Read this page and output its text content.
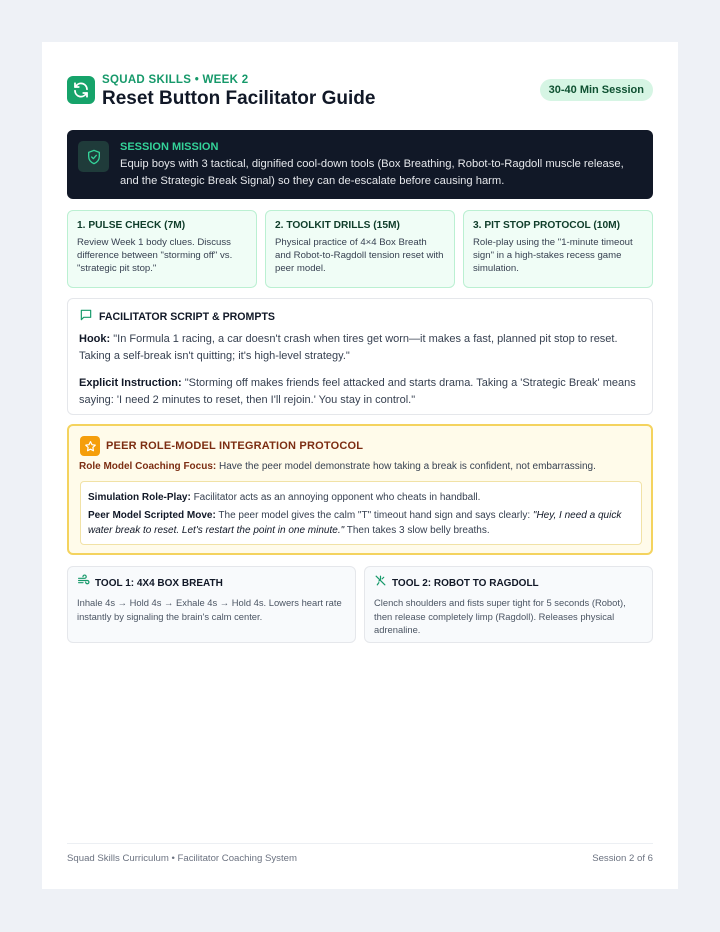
SQUAD SKILLS • WEEK 2
Reset Button Facilitator Guide	30-40 Min Session
SESSION MISSION
Equip boys with 3 tactical, dignified cool-down tools (Box Breathing, Robot-to-Ragdoll muscle release, and the Strategic Break Signal) so they can de-escalate before causing harm.
1. PULSE CHECK (7M)
Review Week 1 body clues. Discuss difference between "storming off" vs. "strategic pit stop."
2. TOOLKIT DRILLS (15M)
Physical practice of 4×4 Box Breath and Robot-to-Ragdoll tension reset with peer model.
3. PIT STOP PROTOCOL (10M)
Role-play using the "1-minute timeout sign" in a high-stakes recess game simulation.
FACILITATOR SCRIPT & PROMPTS
Hook: "In Formula 1 racing, a car doesn't crash when tires get worn—it makes a fast, planned pit stop to reset. Taking a self-break isn't quitting; it's high-level strategy."
Explicit Instruction: "Storming off makes friends feel attacked and starts drama. Taking a 'Strategic Break' means saying: 'I need 2 minutes to reset, then I'll rejoin.' You stay in control."
PEER ROLE-MODEL INTEGRATION PROTOCOL
Role Model Coaching Focus: Have the peer model demonstrate how taking a break is confident, not embarrassing.
Simulation Role-Play: Facilitator acts as an annoying opponent who cheats in handball.
Peer Model Scripted Move: The peer model gives the calm "T" timeout hand sign and says clearly: "Hey, I need a quick water break to reset. Let's restart the point in one minute." Then takes 3 slow belly breaths.
TOOL 1: 4X4 BOX BREATH
Inhale 4s → Hold 4s → Exhale 4s → Hold 4s. Lowers heart rate instantly by signaling the brain's calm center.
TOOL 2: ROBOT TO RAGDOLL
Clench shoulders and fists super tight for 5 seconds (Robot), then release completely limp (Ragdoll). Releases physical adrenaline.
Squad Skills Curriculum • Facilitator Coaching System	Session 2 of 6
